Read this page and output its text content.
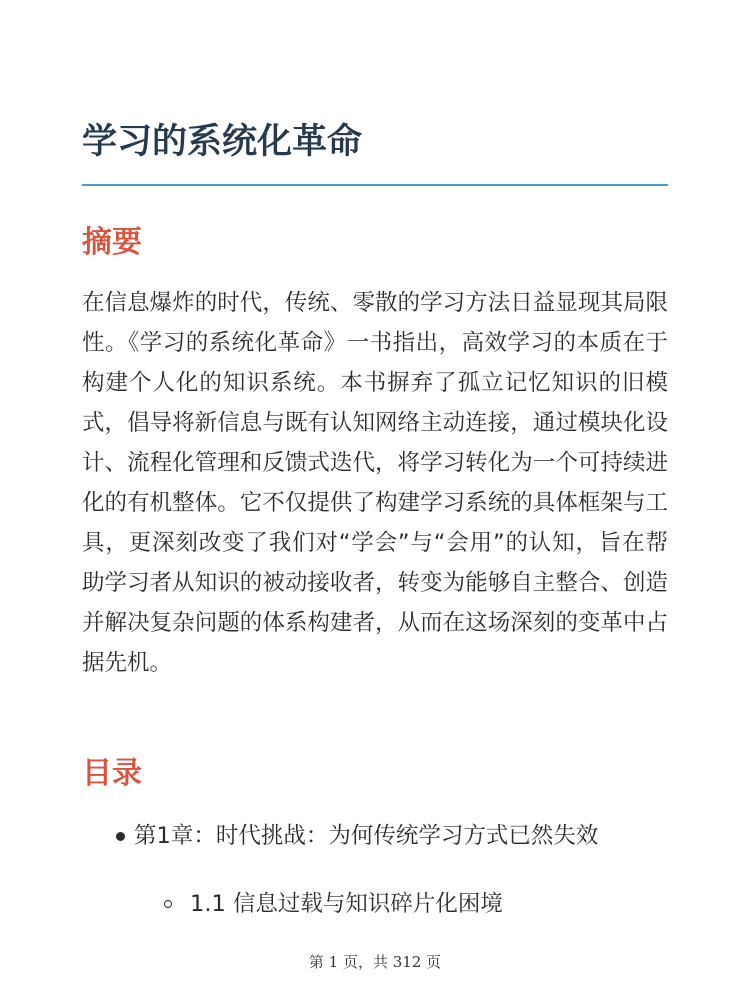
学习的系统化革命
摘要

在信息爆炸的时代，传统、零散的学习方法日益显现其局限性。《学习的系统化革命》一书指出，高效学习的本质在于构建个人化的知识系统。本书摒弃了孤立记忆知识的旧模式，倡导将新信息与既有认知网络主动连接，通过模块化设计、流程化管理和反馈式迭代，将学习转化为一个可持续进化的有机整体。它不仅提供了构建学习系统的具体框架与工具，更深刻改变了我们对“学会”与“会用”的认知，旨在帮助学习者从知识的被动接收者，转变为能够自主整合、创造并解决复杂问题的体系构建者，从而在这场深刻的变革中占据先机。

目录
第1章：时代挑战：为何传统学习方式已然失效
1.1 信息过载与知识碎片化困境
第 1 页，共 312 页
